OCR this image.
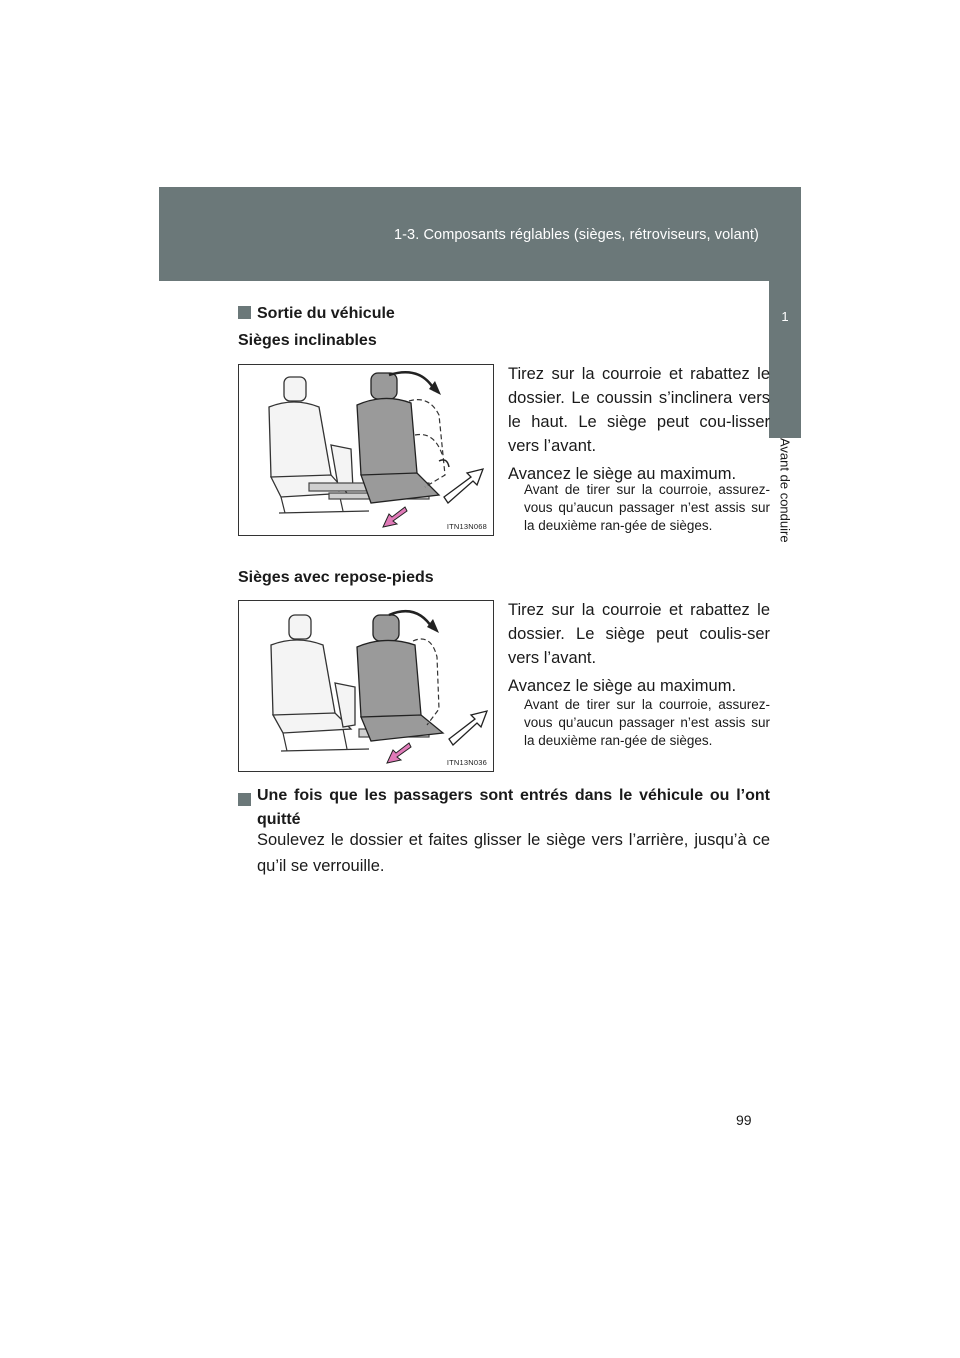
1-3. Composants réglables (sièges, rétroviseurs, volant)
1
Avant de conduire
Sortie du véhicule
Sièges inclinables
ITN13N068

Tirez sur la courroie et rabattez le dossier. Le coussin s’inclinera vers le haut. Le siège peut cou-lisser vers l’avant.

Avancez le siège au maximum.

Avant de tirer sur la courroie, assurez-vous qu’aucun passager n’est assis sur la deuxième ran-gée de sièges.
Sièges avec repose-pieds
ITN13N036

Tirez sur la courroie et rabattez le dossier. Le siège peut coulis-ser vers l’avant.

Avancez le siège au maximum.

Avant de tirer sur la courroie, assurez-vous qu’aucun passager n’est assis sur la deuxième ran-gée de sièges.
Une fois que les passagers sont entrés dans le véhicule ou l’ont quitté
Soulevez le dossier et faites glisser le siège vers l’arrière, jusqu’à ce qu’il se verrouille.
99
